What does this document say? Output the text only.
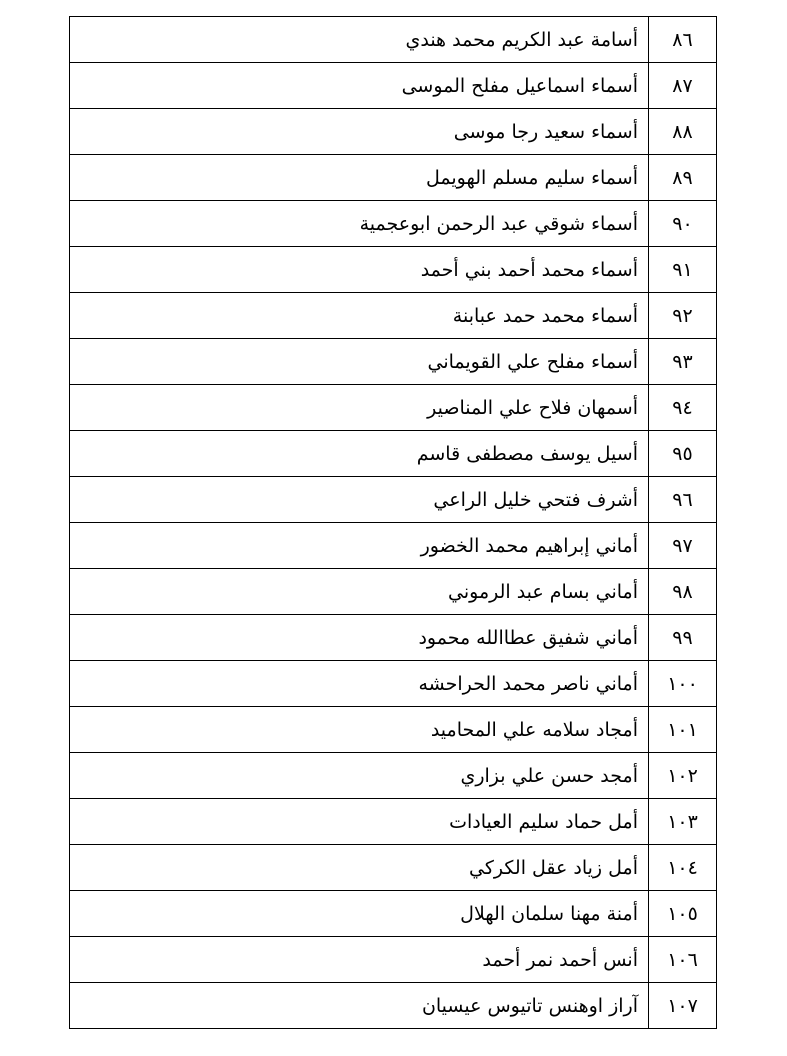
٨٦	أسامة عبد الكريم محمد هندي
٨٧	أسماء اسماعيل مفلح الموسى
٨٨	أسماء سعيد رجا موسى
٨٩	أسماء سليم مسلم الهويمل
٩٠	أسماء شوقي عبد الرحمن ابوعجمية
٩١	أسماء محمد أحمد بني أحمد
٩٢	أسماء محمد حمد عبابنة
٩٣	أسماء مفلح علي القويماني
٩٤	أسمهان فلاح علي المناصير
٩٥	أسيل يوسف مصطفى قاسم
٩٦	أشرف فتحي خليل الراعي
٩٧	أماني إبراهيم محمد الخضور
٩٨	أماني بسام عبد الرموني
٩٩	أماني شفيق عطاالله محمود
١٠٠	أماني ناصر محمد الحراحشه
١٠١	أمجاد سلامه علي المحاميد
١٠٢	أمجد حسن علي بزاري
١٠٣	أمل حماد سليم العيادات
١٠٤	أمل زياد عقل الكركي
١٠٥	أمنة مهنا سلمان الهلال
١٠٦	أنس أحمد نمر أحمد
١٠٧	آراز اوهنس تاتيوس عيسيان
